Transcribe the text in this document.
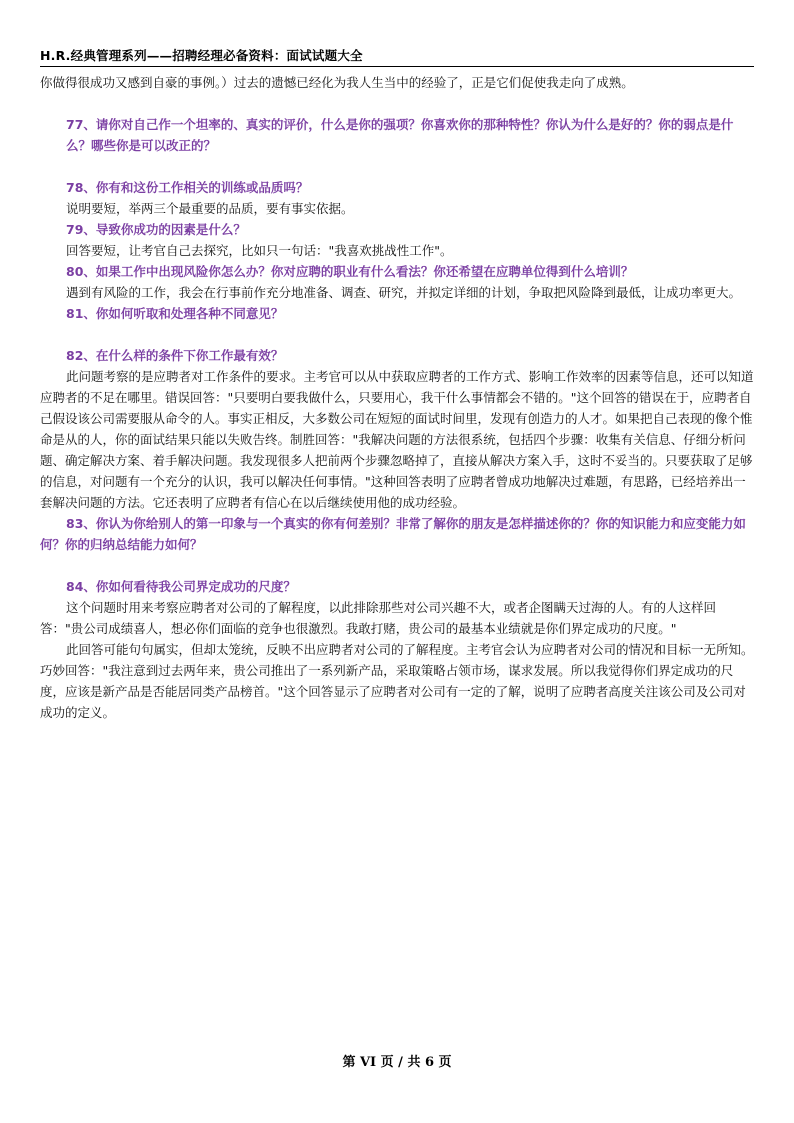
H.R.经典管理系列——招聘经理必备资料：面试试题大全

你做得很成功又感到自豪的事例。）过去的遗憾已经化为我人生当中的经验了，正是它们促使我走向了成熟。

77、请你对自己作一个坦率的、真实的评价，什么是你的强项？你喜欢你的那种特性？你认为什么是好的？你的弱点是什么？哪些你是可以改正的？

78、你有和这份工作相关的训练或品质吗？

说明要短，举两三个最重要的品质，要有事实依据。

79、导致你成功的因素是什么？

回答要短，让考官自己去探究，比如只一句话："我喜欢挑战性工作"。

80、如果工作中出现风险你怎么办？你对应聘的职业有什么看法？你还希望在应聘单位得到什么培训？

遇到有风险的工作，我会在行事前作充分地准备、调查、研究，并拟定详细的计划，争取把风险降到最低，让成功率更大。

81、你如何听取和处理各种不同意见？

82、在什么样的条件下你工作最有效？

此问题考察的是应聘者对工作条件的要求。主考官可以从中获取应聘者的工作方式、影响工作效率的因素等信息，还可以知道应聘者的不足在哪里。错误回答："只要明白要我做什么，只要用心，我干什么事情都会不错的。"这个回答的错误在于，应聘者自己假设该公司需要服从命令的人。事实正相反，大多数公司在短短的面试时间里，发现有创造力的人才。如果把自己表现的像个惟命是从的人，你的面试结果只能以失败告终。制胜回答："我解决问题的方法很系统，包括四个步骤：收集有关信息、仔细分析问题、确定解决方案、着手解决问题。我发现很多人把前两个步骤忽略掉了，直接从解决方案入手，这时不妥当的。只要获取了足够的信息，对问题有一个充分的认识，我可以解决任何事情。"这种回答表明了应聘者曾成功地解决过难题，有思路，已经培养出一套解决问题的方法。它还表明了应聘者有信心在以后继续使用他的成功经验。

83、你认为你给别人的第一印象与一个真实的你有何差别？非常了解你的朋友是怎样描述你的？你的知识能力和应变能力如何？你的归纳总结能力如何？

84、你如何看待我公司界定成功的尺度？

这个问题时用来考察应聘者对公司的了解程度，以此排除那些对公司兴趣不大，或者企图瞒天过海的人。有的人这样回答："贵公司成绩喜人，想必你们面临的竞争也很激烈。我敢打赌，贵公司的最基本业绩就是你们界定成功的尺度。"

此回答可能句句属实，但却太笼统，反映不出应聘者对公司的了解程度。主考官会认为应聘者对公司的情况和目标一无所知。巧妙回答："我注意到过去两年来，贵公司推出了一系列新产品，采取策略占领市场，谋求发展。所以我觉得你们界定成功的尺度，应该是新产品是否能居同类产品榜首。"这个回答显示了应聘者对公司有一定的了解，说明了应聘者高度关注该公司及公司对成功的定义。

第 VI 页 / 共 6 页
